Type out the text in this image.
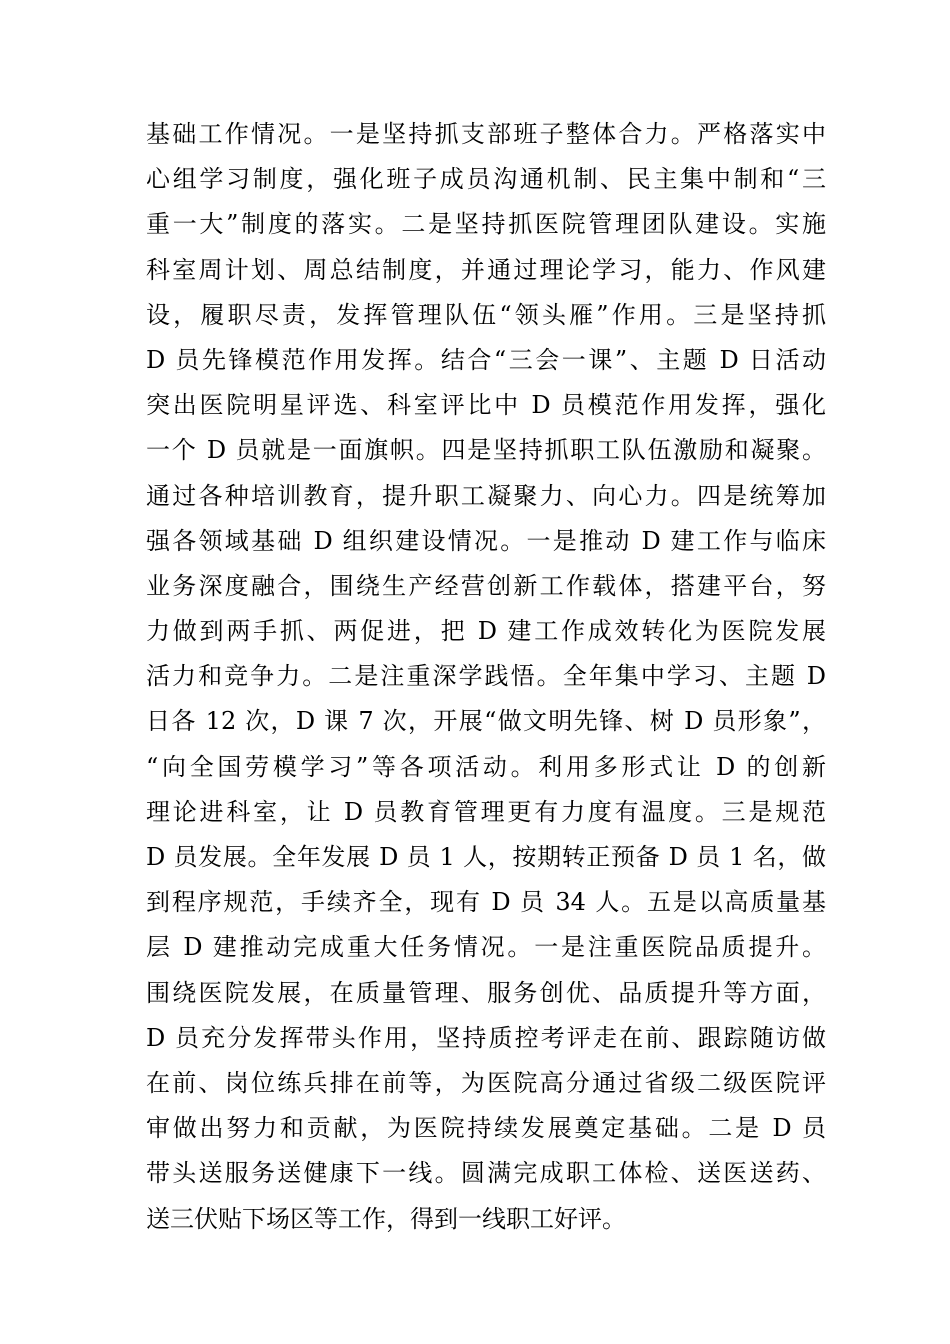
基础工作情况。一是坚持抓支部班子整体合力。严格落实中
心组学习制度，强化班子成员沟通机制、民主集中制和“三
重一大”制度的落实。二是坚持抓医院管理团队建设。实施
科室周计划、周总结制度，并通过理论学习，能力、作风建
设，履职尽责，发挥管理队伍“领头雁”作用。三是坚持抓
D 员先锋模范作用发挥。结合“三会一课”、主题 D 日活动
突出医院明星评选、科室评比中 D 员模范作用发挥，强化
一个 D 员就是一面旗帜。四是坚持抓职工队伍激励和凝聚。
通过各种培训教育，提升职工凝聚力、向心力。四是统筹加
强各领域基础 D 组织建设情况。一是推动 D 建工作与临床
业务深度融合，围绕生产经营创新工作载体，搭建平台，努
力做到两手抓、两促进，把 D 建工作成效转化为医院发展
活力和竞争力。二是注重深学践悟。全年集中学习、主题 D
日各 12 次，D 课 7 次，开展“做文明先锋、树 D 员形象”，
“向全国劳模学习”等各项活动。利用多形式让 D 的创新
理论进科室，让 D 员教育管理更有力度有温度。三是规范
D 员发展。全年发展 D 员 1 人，按期转正预备 D 员 1 名，做
到程序规范，手续齐全，现有 D 员 34 人。五是以高质量基
层 D 建推动完成重大任务情况。一是注重医院品质提升。
围绕医院发展，在质量管理、服务创优、品质提升等方面，
D 员充分发挥带头作用，坚持质控考评走在前、跟踪随访做
在前、岗位练兵排在前等，为医院高分通过省级二级医院评
审做出努力和贡献，为医院持续发展奠定基础。二是 D 员
带头送服务送健康下一线。圆满完成职工体检、送医送药、
送三伏贴下场区等工作，得到一线职工好评。
